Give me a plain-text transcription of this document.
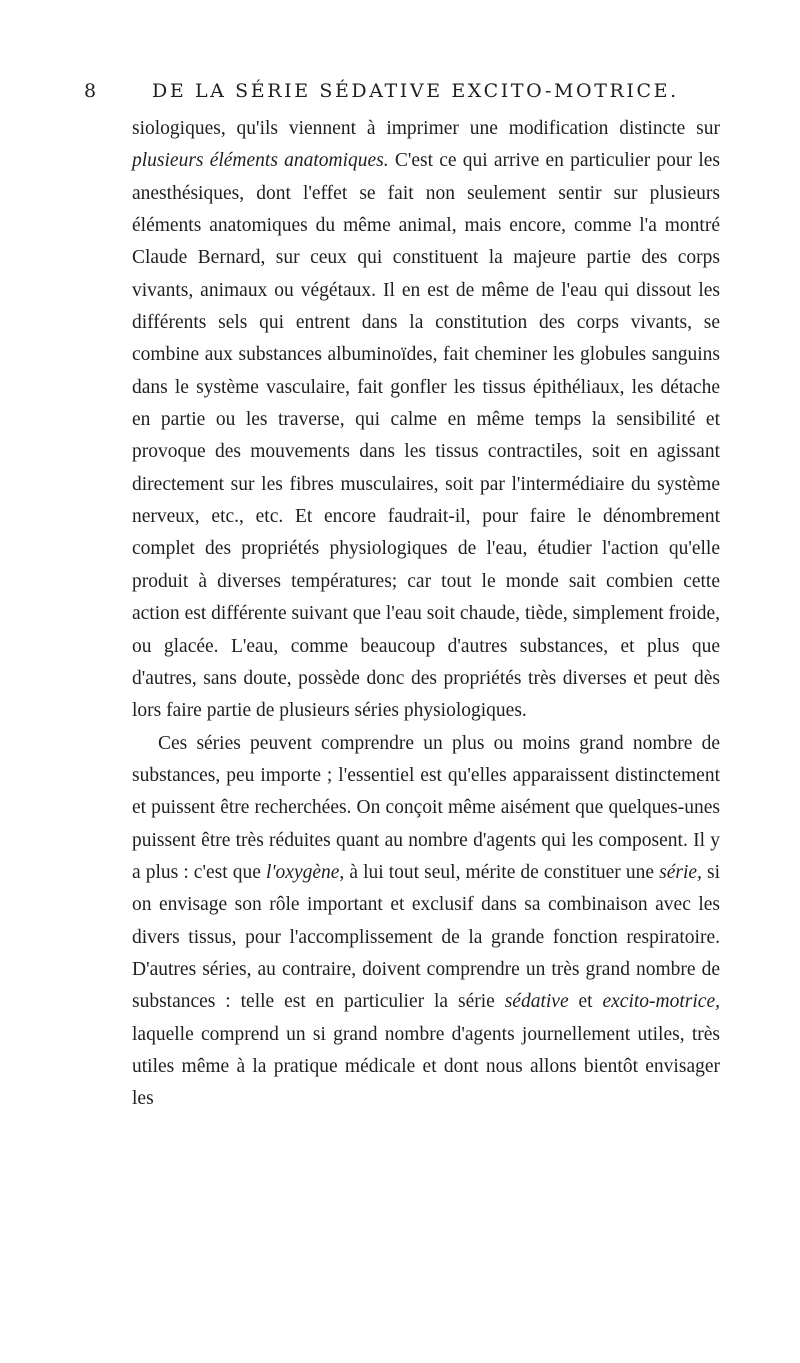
8	DE LA SÉRIE SÉDATIVE EXCITO-MOTRICE.

siologiques, qu'ils viennent à imprimer une modification distincte sur plusieurs éléments anatomiques. C'est ce qui arrive en particulier pour les anesthésiques, dont l'effet se fait non seulement sentir sur plusieurs éléments anatomiques du même animal, mais encore, comme l'a montré Claude Bernard, sur ceux qui constituent la majeure partie des corps vivants, animaux ou végétaux. Il en est de même de l'eau qui dissout les différents sels qui entrent dans la constitution des corps vivants, se combine aux substances albuminoïdes, fait cheminer les globules sanguins dans le système vasculaire, fait gonfler les tissus épithéliaux, les détache en partie ou les traverse, qui calme en même temps la sensibilité et provoque des mouvements dans les tissus contractiles, soit en agissant directement sur les fibres musculaires, soit par l'intermédiaire du système nerveux, etc., etc. Et encore faudrait-il, pour faire le dénombrement complet des propriétés physiologiques de l'eau, étudier l'action qu'elle produit à diverses températures; car tout le monde sait combien cette action est différente suivant que l'eau soit chaude, tiède, simplement froide, ou glacée. L'eau, comme beaucoup d'autres substances, et plus que d'autres, sans doute, possède donc des propriétés très diverses et peut dès lors faire partie de plusieurs séries physiologiques.

Ces séries peuvent comprendre un plus ou moins grand nombre de substances, peu importe ; l'essentiel est qu'elles apparaissent distinctement et puissent être recherchées. On conçoit même aisément que quelques-unes puissent être très réduites quant au nombre d'agents qui les composent. Il y a plus : c'est que l'oxygène, à lui tout seul, mérite de constituer une série, si on envisage son rôle important et exclusif dans sa combinaison avec les divers tissus, pour l'accomplissement de la grande fonction respiratoire. D'autres séries, au contraire, doivent comprendre un très grand nombre de substances : telle est en particulier la série sédative et excito-motrice, laquelle comprend un si grand nombre d'agents journellement utiles, très utiles même à la pratique médicale et dont nous allons bientôt envisager les
